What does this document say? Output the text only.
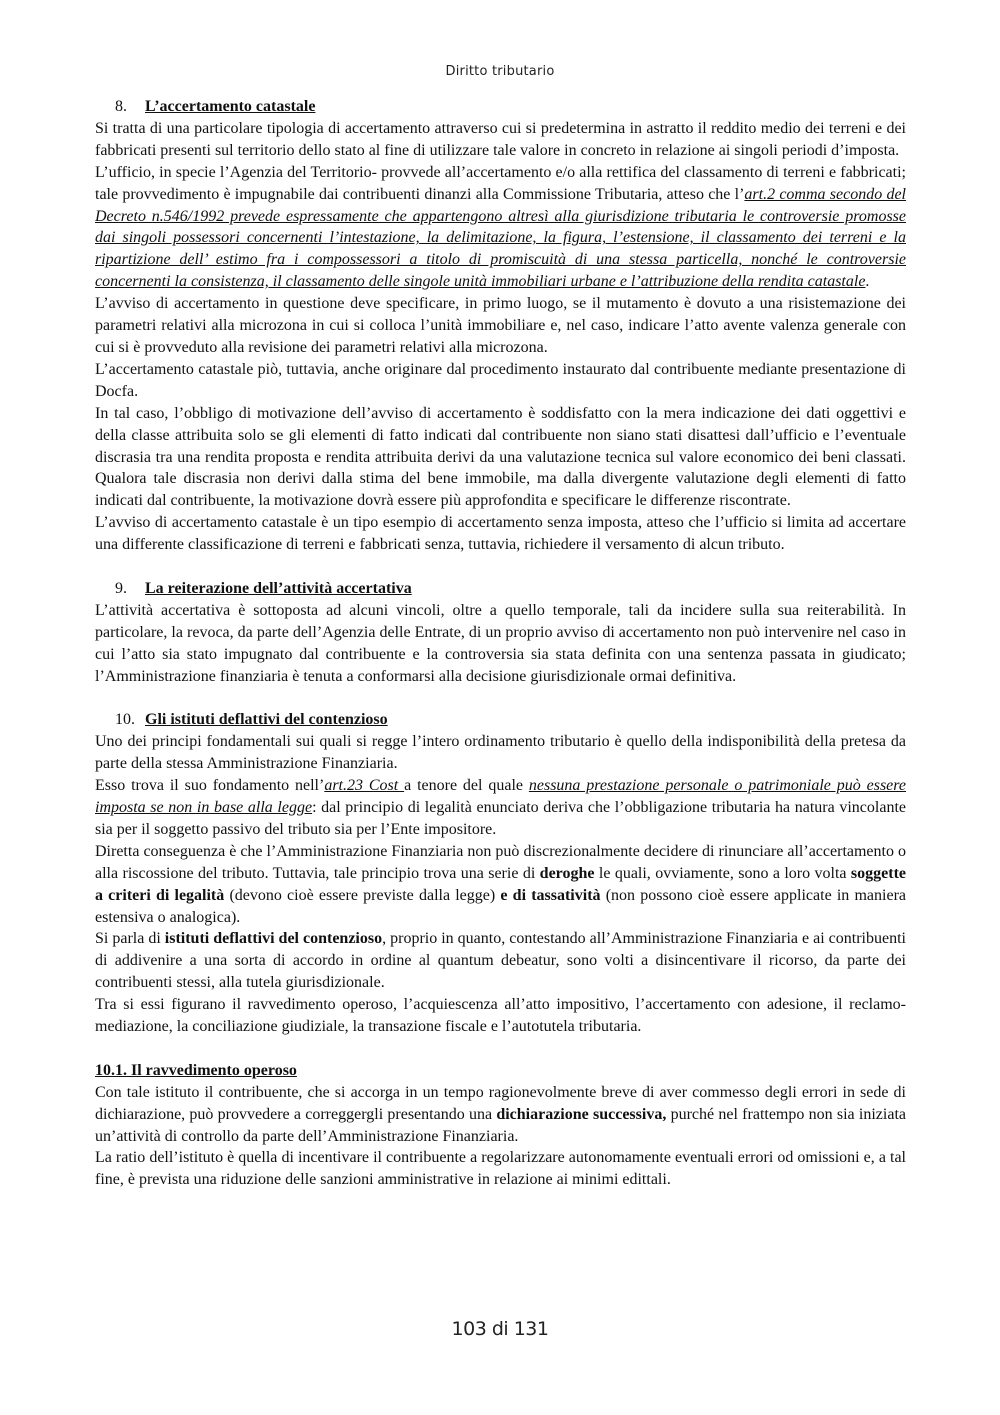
Diritto tributario
8. L’accertamento catastale

Si tratta di una particolare tipologia di accertamento attraverso cui si predetermina in astratto il reddito medio dei terreni e dei fabbricati presenti sul territorio dello stato al fine di utilizzare tale valore in concreto in relazione ai singoli periodi d’imposta.

L’ufficio, in specie l’Agenzia del Territorio- provvede all’accertamento e/o alla rettifica del classamento di terreni e fabbricati; tale provvedimento è impugnabile dai contribuenti dinanzi alla Commissione Tributaria, atteso che l’art.2 comma secondo del Decreto n.546/1992 prevede espressamente che appartengono altresì alla giurisdizione tributaria le controversie promosse dai singoli possessori concernenti l’intestazione, la delimitazione, la figura, l’estensione, il classamento dei terreni e la ripartizione dell’ estimo fra i compossessori a titolo di promiscuità di una stessa particella, nonché le controversie concernenti la consistenza, il classamento delle singole unità immobiliari urbane e l’attribuzione della rendita catastale.

L’avviso di accertamento in questione deve specificare, in primo luogo, se il mutamento è dovuto a una risistemazione dei parametri relativi alla microzona in cui si colloca l’unità immobiliare e, nel caso, indicare l’atto avente valenza generale con cui si è provveduto alla revisione dei parametri relativi alla microzona.

L’accertamento catastale piò, tuttavia, anche originare dal procedimento instaurato dal contribuente mediante presentazione di Docfa.

In tal caso, l’obbligo di motivazione dell’avviso di accertamento è soddisfatto con la mera indicazione dei dati oggettivi e della classe attribuita solo se gli elementi di fatto indicati dal contribuente non siano stati disattesi dall’ufficio e l’eventuale discrasia tra una rendita proposta e rendita attribuita derivi da una valutazione tecnica sul valore economico dei beni classati. Qualora tale discrasia non derivi dalla stima del bene immobile, ma dalla divergente valutazione degli elementi di fatto indicati dal contribuente, la motivazione dovrà essere più approfondita e specificare le differenze riscontrate.

L’avviso di accertamento catastale è un tipo esempio di accertamento senza imposta, atteso che l’ufficio si limita ad accertare una differente classificazione di terreni e fabbricati senza, tuttavia, richiedere il versamento di alcun tributo.

9. La reiterazione dell’attività accertativa

L’attività accertativa è sottoposta ad alcuni vincoli, oltre a quello temporale, tali da incidere sulla sua reiterabilità. In particolare, la revoca, da parte dell’Agenzia delle Entrate, di un proprio avviso di accertamento non può intervenire nel caso in cui l’atto sia stato impugnato dal contribuente e la controversia sia stata definita con una sentenza passata in giudicato; l’Amministrazione finanziaria è tenuta a conformarsi alla decisione giurisdizionale ormai definitiva.

10. Gli istituti deflattivi del contenzioso

Uno dei principi fondamentali sui quali si regge l’intero ordinamento tributario è quello della indisponibilità della pretesa da parte della stessa Amministrazione Finanziaria.

Esso trova il suo fondamento nell’art.23 Cost a tenore del quale nessuna prestazione personale o patrimoniale può essere imposta se non in base alla legge: dal principio di legalità enunciato deriva che l’obbligazione tributaria ha natura vincolante sia per il soggetto passivo del tributo sia per l’Ente impositore.

Diretta conseguenza è che l’Amministrazione Finanziaria non può discrezionalmente decidere di rinunciare all’accertamento o alla riscossione del tributo. Tuttavia, tale principio trova una serie di deroghe le quali, ovviamente, sono a loro volta soggette a criteri di legalità (devono cioè essere previste dalla legge) e di tassatività (non possono cioè essere applicate in maniera estensiva o analogica).

Si parla di istituti deflattivi del contenzioso, proprio in quanto, contestando all’Amministrazione Finanziaria e ai contribuenti di addivenire a una sorta di accordo in ordine al quantum debeatur, sono volti a disincentivare il ricorso, da parte dei contribuenti stessi, alla tutela giurisdizionale.

Tra si essi figurano il ravvedimento operoso, l’acquiescenza all’atto impositivo, l’accertamento con adesione, il reclamo-mediazione, la conciliazione giudiziale, la transazione fiscale e l’autotutela tributaria.

10.1. Il ravvedimento operoso

Con tale istituto il contribuente, che si accorga in un tempo ragionevolmente breve di aver commesso degli errori in sede di dichiarazione, può provvedere a correggergli presentando una dichiarazione successiva, purché nel frattempo non sia iniziata un’attività di controllo da parte dell’Amministrazione Finanziaria.

La ratio dell’istituto è quella di incentivare il contribuente a regolarizzare autonomamente eventuali errori od omissioni e, a tal fine, è prevista una riduzione delle sanzioni amministrative in relazione ai minimi edittali.

103 di 131
